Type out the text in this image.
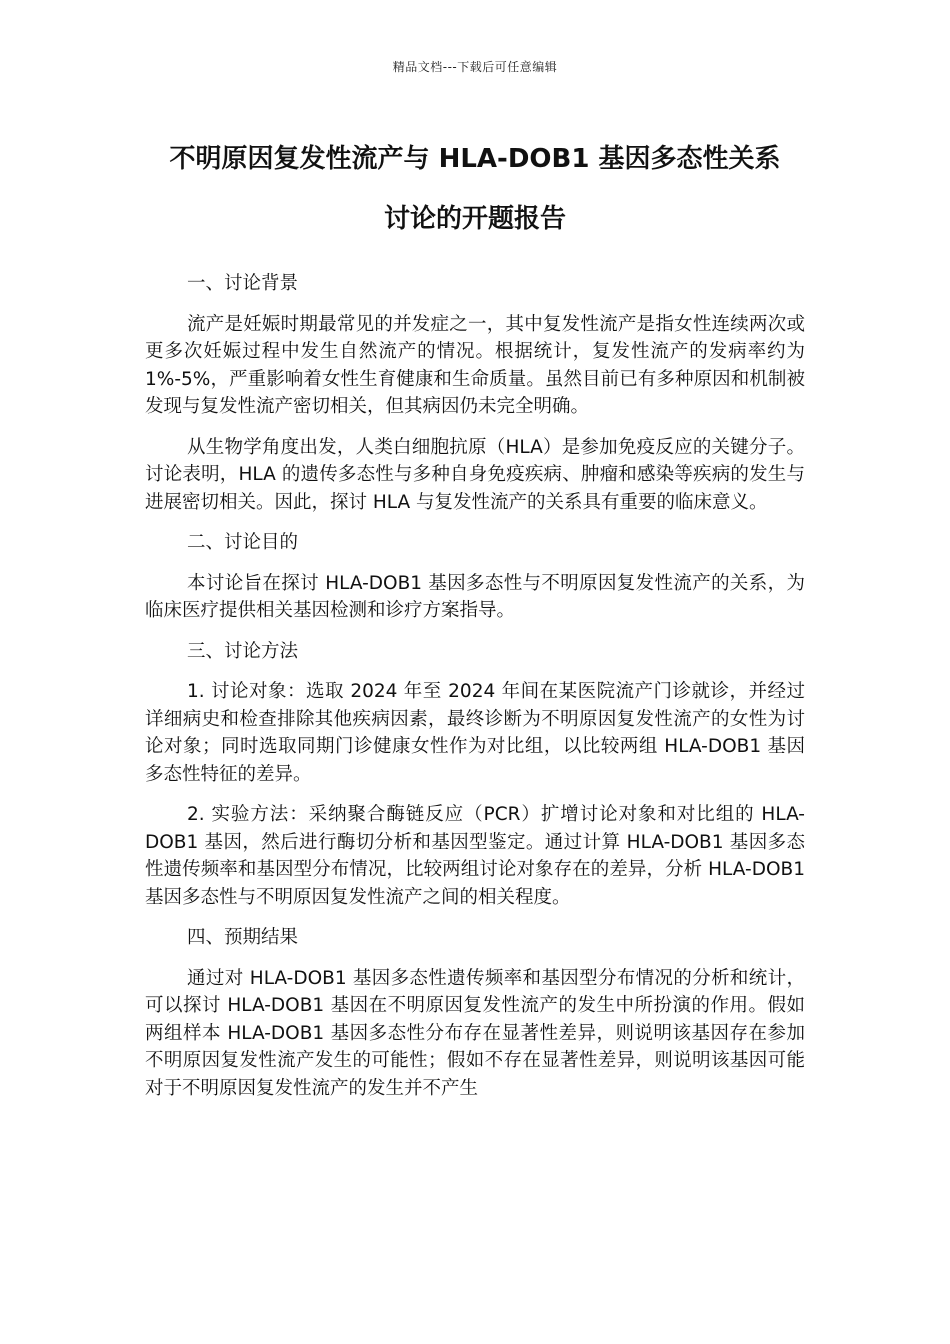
精品文档---下载后可任意编辑
不明原因复发性流产与 HLA-DOB1 基因多态性关系
讨论的开题报告

一、讨论背景

流产是妊娠时期最常见的并发症之一，其中复发性流产是指女性连续两次或更多次妊娠过程中发生自然流产的情况。根据统计，复发性流产的发病率约为 1%-5%，严重影响着女性生育健康和生命质量。虽然目前已有多种原因和机制被发现与复发性流产密切相关，但其病因仍未完全明确。

从生物学角度出发，人类白细胞抗原（HLA）是参加免疫反应的关键分子。讨论表明，HLA 的遗传多态性与多种自身免疫疾病、肿瘤和感染等疾病的发生与进展密切相关。因此，探讨 HLA 与复发性流产的关系具有重要的临床意义。

二、讨论目的

本讨论旨在探讨 HLA-DOB1 基因多态性与不明原因复发性流产的关系，为临床医疗提供相关基因检测和诊疗方案指导。

三、讨论方法

1. 讨论对象：选取 2024 年至 2024 年间在某医院流产门诊就诊，并经过详细病史和检查排除其他疾病因素，最终诊断为不明原因复发性流产的女性为讨论对象；同时选取同期门诊健康女性作为对比组，以比较两组 HLA-DOB1 基因多态性特征的差异。

2. 实验方法：采纳聚合酶链反应（PCR）扩增讨论对象和对比组的 HLA-DOB1 基因，然后进行酶切分析和基因型鉴定。通过计算 HLA-DOB1 基因多态性遗传频率和基因型分布情况，比较两组讨论对象存在的差异，分析 HLA-DOB1 基因多态性与不明原因复发性流产之间的相关程度。

四、预期结果

通过对 HLA-DOB1 基因多态性遗传频率和基因型分布情况的分析和统计，可以探讨 HLA-DOB1 基因在不明原因复发性流产的发生中所扮演的作用。假如两组样本 HLA-DOB1 基因多态性分布存在显著性差异，则说明该基因存在参加不明原因复发性流产发生的可能性；假如不存在显著性差异，则说明该基因可能对于不明原因复发性流产的发生并不产生
